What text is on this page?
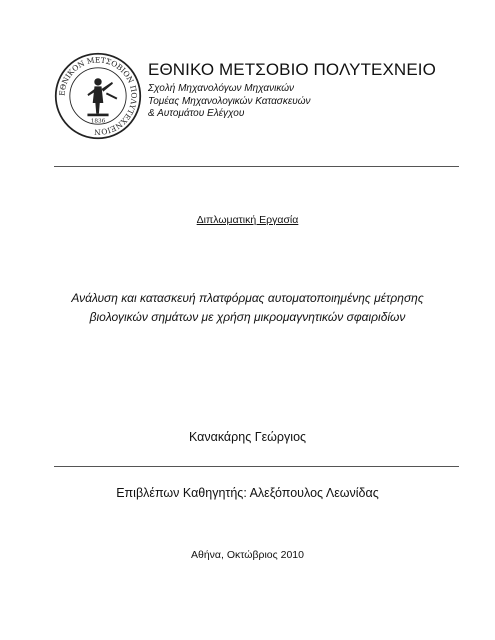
ΕΘΝΙΚΟΝ ΜΕΤΣΟΒΙΟΝ ΠΟΛΥΤΕΧΝΕΙΟΝ
1836
ΕΘΝΙΚΟ ΜΕΤΣΟΒΙΟ ΠΟΛΥΤΕΧΝΕΙΟ
Σχολή Μηχανολόγων Μηχανικών
Τομέας Μηχανολογικών Κατασκευών
& Αυτομάτου Ελέγχου
Διπλωματική Εργασία
Ανάλυση και κατασκευή πλατφόρμας αυτοματοποιημένης μέτρησης
βιολογικών σημάτων με χρήση μικρομαγνητικών σφαιριδίων
Κανακάρης Γεώργιος
Επιβλέπων Καθηγητής: Αλεξόπουλος Λεωνίδας
Αθήνα, Οκτώβριος 2010
